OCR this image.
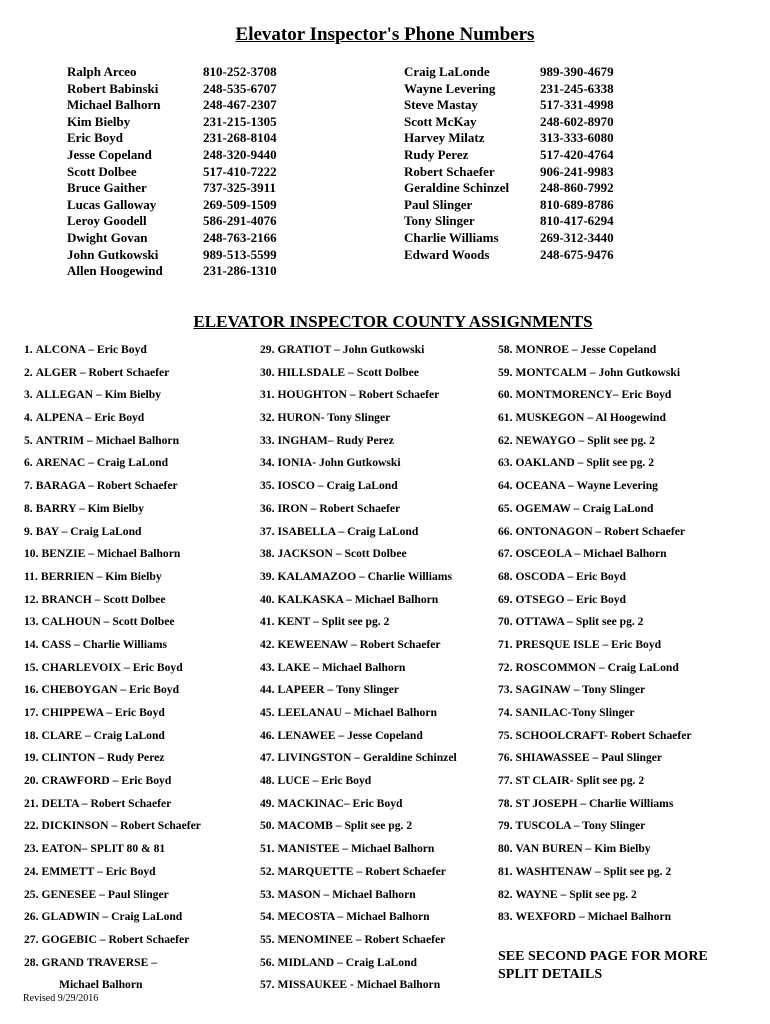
Elevator Inspector's Phone Numbers
Ralph Arceo	810-252-3708
Robert Babinski	248-535-6707
Michael Balhorn	248-467-2307
Kim Bielby	231-215-1305
Eric Boyd	231-268-8104
Jesse Copeland	248-320-9440
Scott Dolbee	517-410-7222
Bruce Gaither	737-325-3911
Lucas Galloway	269-509-1509
Leroy Goodell	586-291-4076
Dwight Govan	248-763-2166
John Gutkowski	989-513-5599
Allen Hoogewind	231-286-1310
Craig LaLonde	989-390-4679
Wayne Levering	231-245-6338
Steve Mastay	517-331-4998
Scott McKay	248-602-8970
Harvey Milatz	313-333-6080
Rudy Perez	517-420-4764
Robert Schaefer	906-241-9983
Geraldine Schinzel	248-860-7992
Paul Slinger	810-689-8786
Tony Slinger	810-417-6294
Charlie Williams	269-312-3440
Edward Woods	248-675-9476
ELEVATOR INSPECTOR COUNTY ASSIGNMENTS
1. ALCONA – Eric Boyd
2. ALGER – Robert Schaefer
3. ALLEGAN – Kim Bielby
4. ALPENA – Eric Boyd
5. ANTRIM – Michael Balhorn
6. ARENAC – Craig LaLond
7. BARAGA – Robert Schaefer
8. BARRY – Kim Bielby
9. BAY – Craig LaLond
10. BENZIE – Michael Balhorn
11. BERRIEN – Kim Bielby
12. BRANCH – Scott Dolbee
13. CALHOUN – Scott Dolbee
14. CASS – Charlie Williams
15. CHARLEVOIX – Eric Boyd
16. CHEBOYGAN – Eric Boyd
17. CHIPPEWA – Eric Boyd
18. CLARE – Craig LaLond
19. CLINTON – Rudy Perez
20. CRAWFORD – Eric Boyd
21. DELTA – Robert Schaefer
22. DICKINSON – Robert Schaefer
23. EATON– SPLIT 80 & 81
24. EMMETT – Eric Boyd
25. GENESEE – Paul Slinger
26. GLADWIN – Craig LaLond
27. GOGEBIC – Robert Schaefer
28. GRAND TRAVERSE –
Michael Balhorn
29. GRATIOT – John Gutkowski
30. HILLSDALE – Scott Dolbee
31. HOUGHTON – Robert Schaefer
32. HURON- Tony Slinger
33. INGHAM– Rudy Perez
34. IONIA- John Gutkowski
35. IOSCO – Craig LaLond
36. IRON – Robert Schaefer
37. ISABELLA – Craig LaLond
38. JACKSON – Scott Dolbee
39. KALAMAZOO – Charlie Williams
40. KALKASKA – Michael Balhorn
41. KENT – Split see pg. 2
42. KEWEENAW – Robert Schaefer
43. LAKE – Michael Balhorn
44. LAPEER – Tony Slinger
45. LEELANAU – Michael Balhorn
46. LENAWEE – Jesse Copeland
47. LIVINGSTON – Geraldine Schinzel
48. LUCE – Eric Boyd
49. MACKINAC– Eric Boyd
50. MACOMB – Split see pg. 2
51. MANISTEE – Michael Balhorn
52. MARQUETTE – Robert Schaefer
53. MASON – Michael Balhorn
54. MECOSTA – Michael Balhorn
55. MENOMINEE – Robert Schaefer
56. MIDLAND – Craig LaLond
57. MISSAUKEE - Michael Balhorn
58. MONROE – Jesse Copeland
59. MONTCALM – John Gutkowski
60. MONTMORENCY– Eric Boyd
61. MUSKEGON – Al Hoogewind
62. NEWAYGO – Split see pg. 2
63. OAKLAND – Split see pg. 2
64. OCEANA – Wayne Levering
65. OGEMAW – Craig LaLond
66. ONTONAGON – Robert Schaefer
67. OSCEOLA – Michael Balhorn
68. OSCODA – Eric Boyd
69. OTSEGO – Eric Boyd
70. OTTAWA – Split see pg. 2
71. PRESQUE ISLE – Eric Boyd
72. ROSCOMMON – Craig LaLond
73. SAGINAW – Tony Slinger
74. SANILAC-Tony Slinger
75. SCHOOLCRAFT- Robert Schaefer
76. SHIAWASSEE – Paul Slinger
77. ST CLAIR- Split see pg. 2
78. ST JOSEPH – Charlie Williams
79. TUSCOLA – Tony Slinger
80. VAN BUREN – Kim Bielby
81. WASHTENAW – Split see pg. 2
82. WAYNE – Split see pg. 2
83. WEXFORD – Michael Balhorn
SEE SECOND PAGE FOR MORE SPLIT DETAILS
Revised 9/29/2016
